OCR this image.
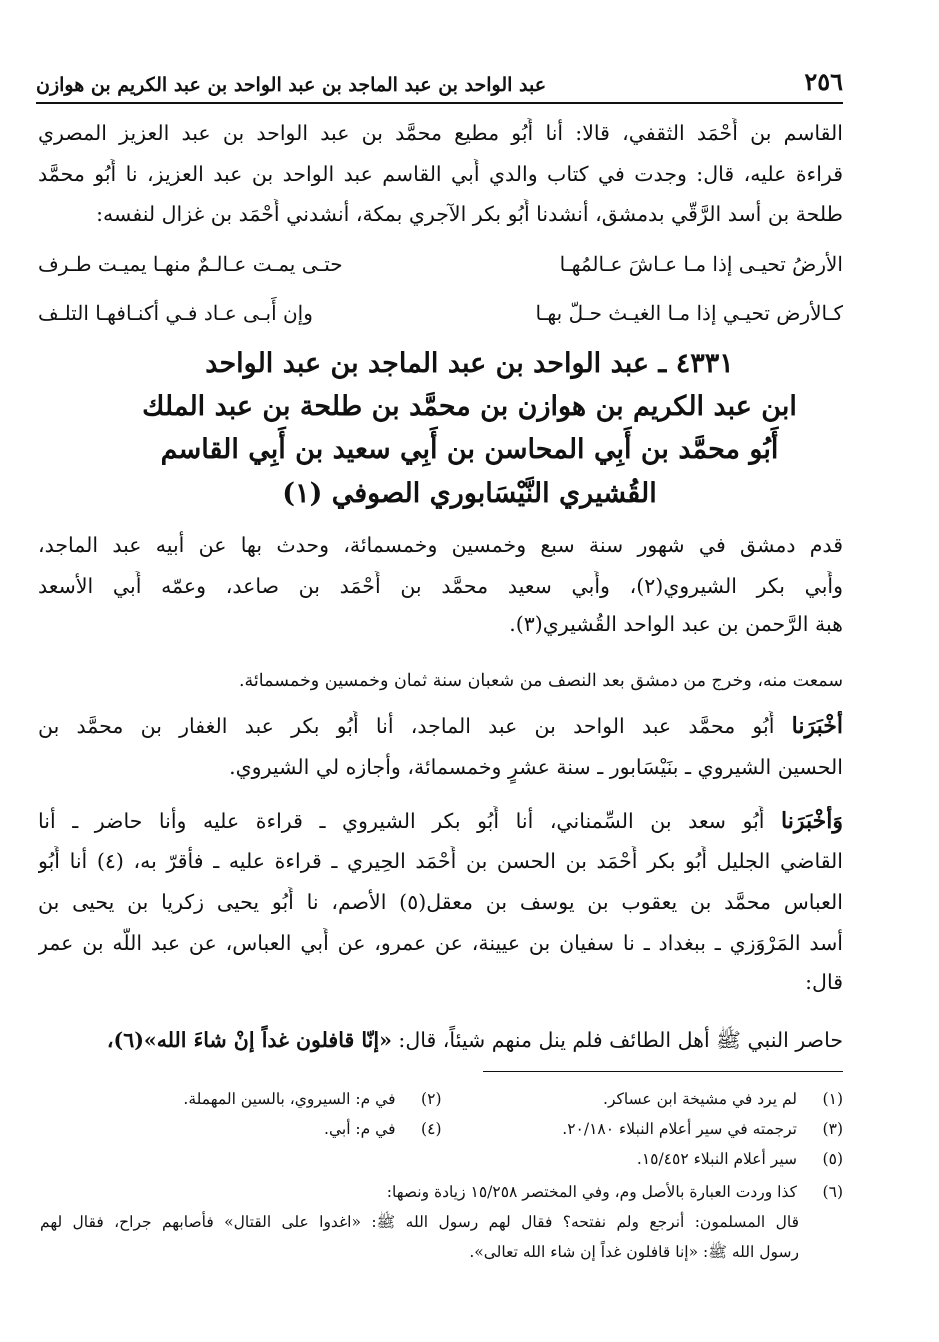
٢٥٦
عبد الواحد بن عبد الماجد بن عبد الواحد بن عبد الكريم بن هوازن
القاسم بن أَحْمَد الثقفي، قالا: أنا أَبُو مطيع محمَّد بن عبد الواحد بن عبد العزيز المصري
قراءة عليه، قال: وجدت في كتاب والدي أَبي القاسم عبد الواحد بن عبد العزيز، نا أَبُو محمَّد
طلحة بن أسد الرَّقّي بدمشق، أنشدنا أَبُو بكر الآجري بمكة، أنشدني أَحْمَد بن غزال لنفسه:
الأرضُ تحيـى إذا مـا عـاشَ عـالمُهـا
حتـى يمـت عـالـمٌ منهـا يميـت طـرف
كـالأرض تحيـي إذا مـا الغيـث حـلّ بهـا
وإن أَبـى عـاد فـي أكنـافهـا التلـف
٤٣٣١ ـ عبد الواحد بن عبد الماجد بن عبد الواحد
ابن عبد الكريم بن هوازن بن محمَّد بن طلحة بن عبد الملك
أَبُو محمَّد بن أَبِي المحاسن بن أَبِي سعيد بن أَبِي القاسم
القُشيري النَّيْسَابوري الصوفي (١)
قدم دمشق في شهور سنة سبع وخمسين وخمسمائة، وحدث بها عن أبيه عبد الماجد،
وأَبي بكر الشيروي(٢)، وأَبي سعيد محمَّد بن أَحْمَد بن صاعد، وعمّه أَبي الأسعد
هبة الرَّحمن بن عبد الواحد القُشيري(٣).
سمعت منه، وخرج من دمشق بعد النصف من شعبان سنة ثمان وخمسين وخمسمائة.
أَخْبَرَنا أَبُو محمَّد عبد الواحد بن عبد الماجد، أنا أَبُو بكر عبد الغفار بن محمَّد بن
الحسين الشيروي ـ بنَيْسَابور ـ سنة عشرٍ وخمسمائة، وأجازه لي الشيروي.
وَأَخْبَرَنا أَبُو سعد بن السِّمناني، أنا أَبُو بكر الشيروي ـ قراءة عليه وأنا حاضر ـ أنا
القاضي الجليل أَبُو بكر أَحْمَد بن الحسن بن أَحْمَد الحِيري ـ قراءة عليه ـ فأقرّ به، (٤) أنا أَبُو
العباس محمَّد بن يعقوب بن يوسف بن معقل(٥) الأصم، نا أَبُو يحيى زكريا بن يحيى بن
أسد المَرْوَزي ـ ببغداد ـ نا سفيان بن عيينة، عن عمرو، عن أَبي العباس، عن عبد اللَّه بن عمر
قال:
حاصر النبي ﷺ أهل الطائف فلم ينل منهم شيئاً، قال: «إنّا قافلون غداً إنْ شاءَ الله»(٦)،
(١)
لم يرد في مشيخة ابن عساكر.
(٢)
في م: السيروي، بالسين المهملة.
(٣)
ترجمته في سير أعلام النبلاء ٢٠/١٨٠.
(٤)
في م: أبي.
(٥)
سير أعلام النبلاء ١٥/٤٥٢.
(٦)
كذا وردت العبارة بالأصل وم، وفي المختصر ١٥/٢٥٨ زيادة ونصها:
قال المسلمون: أنرجع ولم نفتحه؟ فقال لهم رسول الله ﷺ: «اغدوا على القتال» فأصابهم جراح، فقال لهم
رسول الله ﷺ: «إنا قافلون غداً إن شاء الله تعالى».
